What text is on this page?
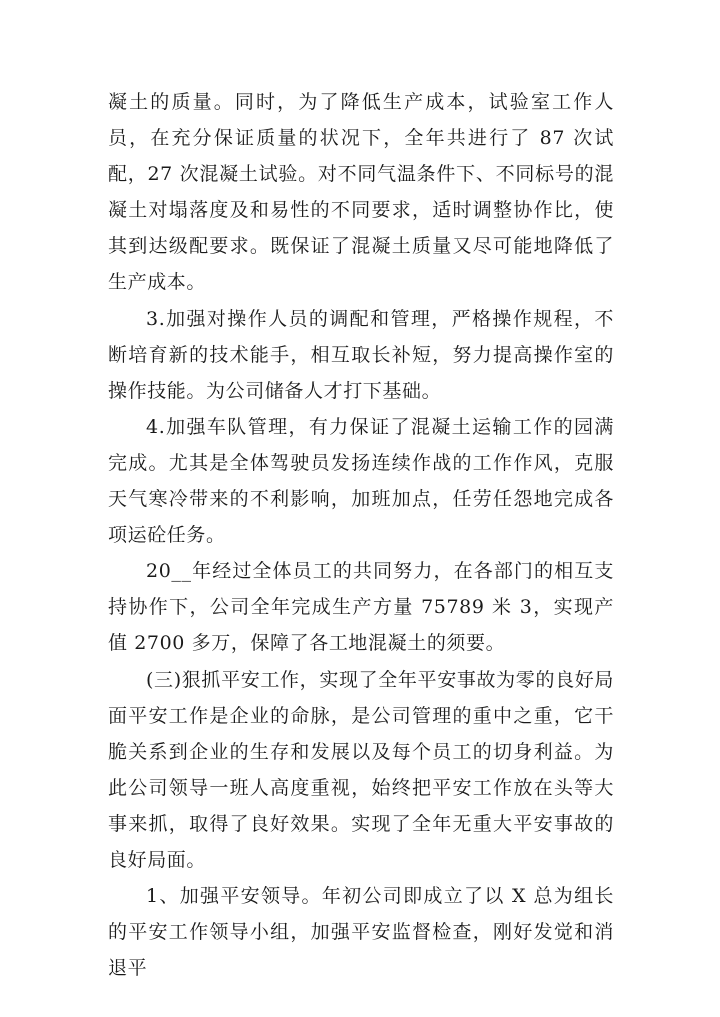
凝土的质量。同时，为了降低生产成本，试验室工作人员，在充分保证质量的状况下，全年共进行了 87 次试配，27 次混凝土试验。对不同气温条件下、不同标号的混凝土对塌落度及和易性的不同要求，适时调整协作比，使其到达级配要求。既保证了混凝土质量又尽可能地降低了生产成本。

3.加强对操作人员的调配和管理，严格操作规程，不断培育新的技术能手，相互取长补短，努力提高操作室的操作技能。为公司储备人才打下基础。

4.加强车队管理，有力保证了混凝土运输工作的园满完成。尤其是全体驾驶员发扬连续作战的工作作风，克服天气寒冷带来的不利影响，加班加点，任劳任怨地完成各项运砼任务。

20__年经过全体员工的共同努力，在各部门的相互支持协作下，公司全年完成生产方量 75789 米 3，实现产值 2700 多万，保障了各工地混凝土的须要。

(三)狠抓平安工作，实现了全年平安事故为零的良好局面平安工作是企业的命脉，是公司管理的重中之重，它干脆关系到企业的生存和发展以及每个员工的切身利益。为此公司领导一班人高度重视，始终把平安工作放在头等大事来抓，取得了良好效果。实现了全年无重大平安事故的良好局面。

1、加强平安领导。年初公司即成立了以 X 总为组长的平安工作领导小组，加强平安监督检查，刚好发觉和消退平
